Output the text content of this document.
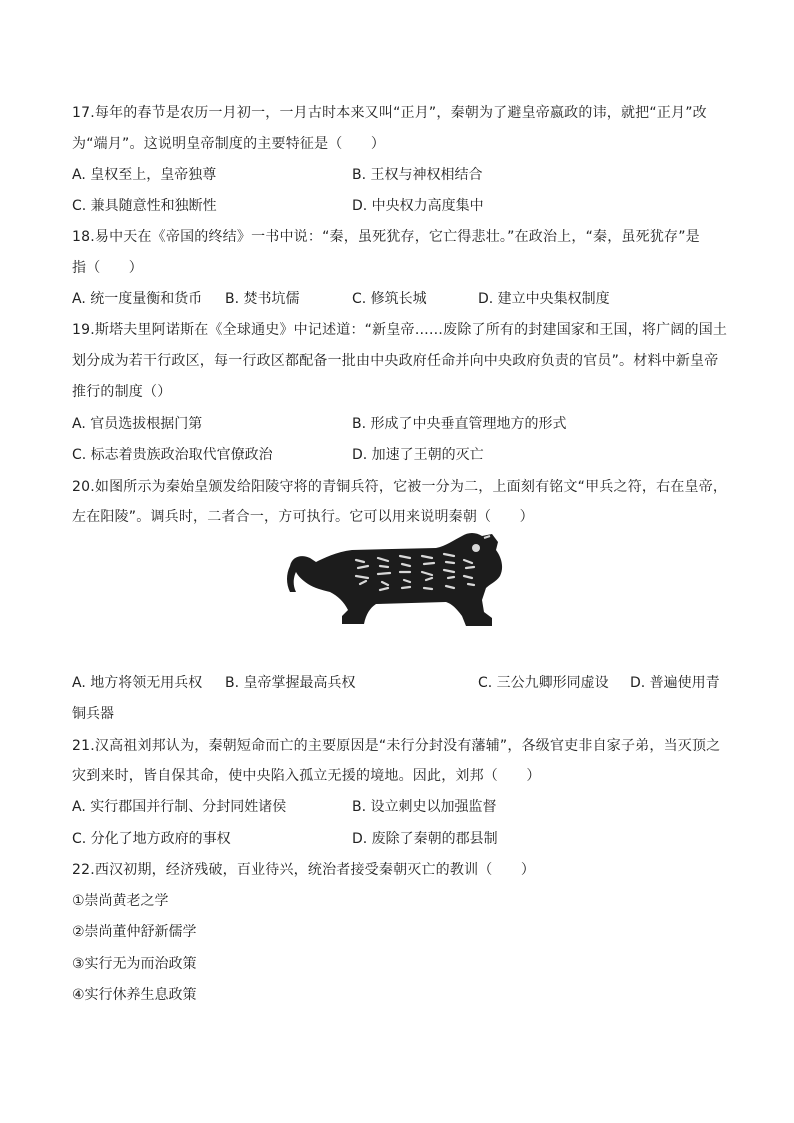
17.每年的春节是农历一月初一，一月古时本来又叫“正月”，秦朝为了避皇帝嬴政的讳，就把“正月”改
为“端月”。这说明皇帝制度的主要特征是（　　）
A. 皇权至上，皇帝独尊	B. 王权与神权相结合
C. 兼具随意性和独断性	D. 中央权力高度集中
18.易中天在《帝国的终结》一书中说：“秦，虽死犹存，它亡得悲壮。”在政治上，“秦，虽死犹存”是
指（　　）
A. 统一度量衡和货币 B. 焚书坑儒	C. 修筑长城	D. 建立中央集权制度
19.斯塔夫里阿诺斯在《全球通史》中记述道：“新皇帝……废除了所有的封建国家和王国，将广阔的国土
划分成为若干行政区，每一行政区都配备一批由中央政府任命并向中央政府负责的官员”。材料中新皇帝
推行的制度（）
A. 官员选拔根据门第	B. 形成了中央垂直管理地方的形式
C. 标志着贵族政治取代官僚政治	D. 加速了王朝的灭亡
20.如图所示为秦始皇颁发给阳陵守将的青铜兵符，它被一分为二，上面刻有铭文“甲兵之符，右在皇帝，
左在阳陵”。调兵时，二者合一，方可执行。它可以用来说明秦朝（　　）
A. 地方将领无用兵权 B. 皇帝掌握最高兵权	C. 三公九卿形同虚设 D. 普遍使用青
铜兵器
21.汉高祖刘邦认为，秦朝短命而亡的主要原因是“未行分封没有藩辅”，各级官吏非自家子弟，当灭顶之
灾到来时，皆自保其命，使中央陷入孤立无援的境地。因此，刘邦（　　）
A. 实行郡国并行制、分封同姓诸侯	B. 设立刺史以加强监督
C. 分化了地方政府的事权	D. 废除了秦朝的郡县制
22.西汉初期，经济残破，百业待兴，统治者接受秦朝灭亡的教训（　　）
①崇尚黄老之学
②崇尚董仲舒新儒学
③实行无为而治政策
④实行休养生息政策
